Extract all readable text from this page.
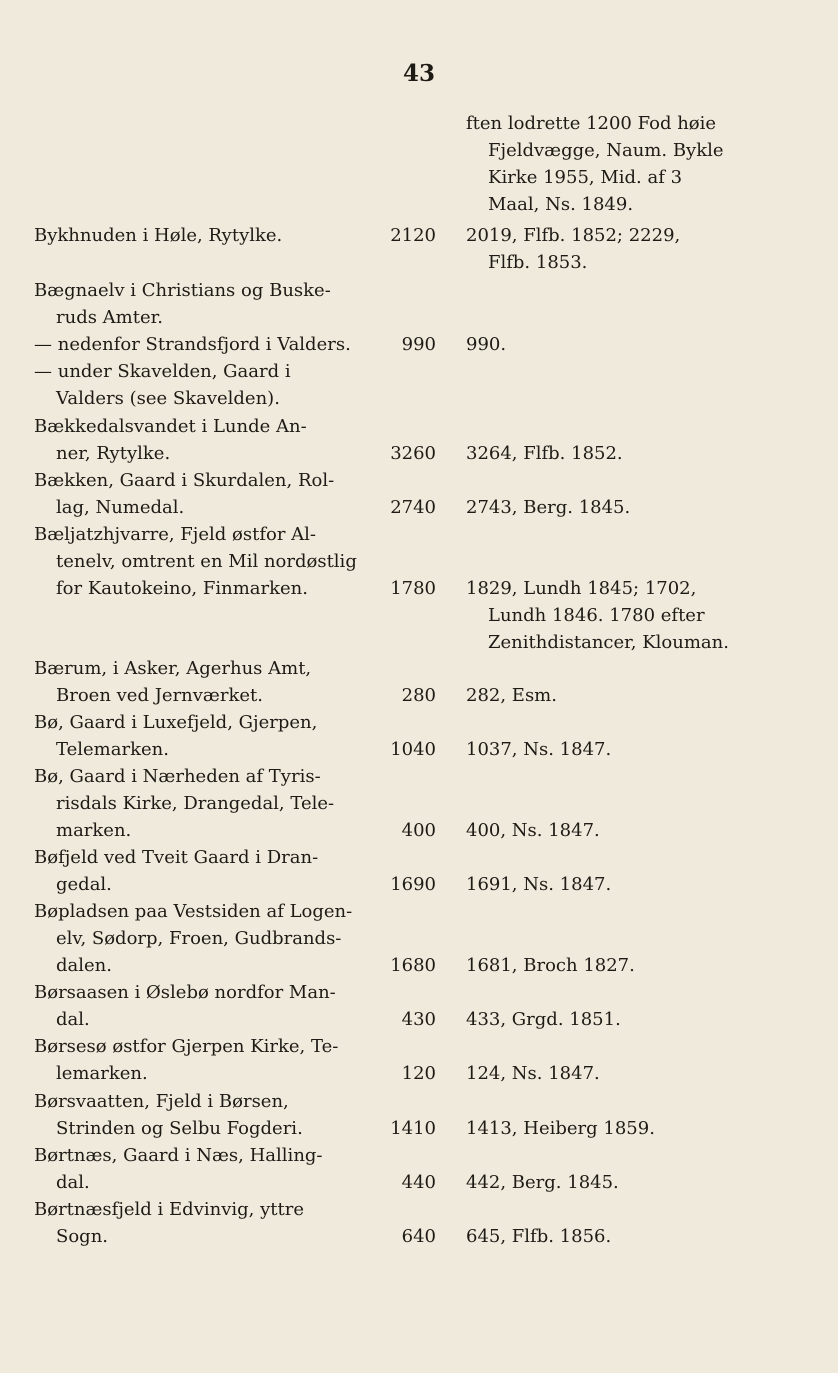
43
ften lodrette 1200 Fod høie
Fjeldvægge, Naum. Bykle
Kirke 1955, Mid. af 3
Maal, Ns. 1849.
Bykhnuden i Høle, Rytylke.	2120 2019, Flfb. 1852; 2229,
Flfb. 1853.
Bægnaelv i Christians og Buske-
ruds Amter.
— nedenfor Strandsfjord i Valders.	990 990.
— under Skavelden, Gaard i
Valders (see Skavelden).
Bækkedalsvandet i Lunde An-
ner, Rytylke.	3260 3264, Flfb. 1852.
Bækken, Gaard i Skurdalen, Rol-
lag, Numedal.	2740 2743, Berg. 1845.
Bæljatzhjvarre, Fjeld østfor Al-
tenelv, omtrent en Mil nordøstlig
for Kautokeino, Finmarken.	1780 1829, Lundh 1845; 1702,
Lundh 1846. 1780 efter
Zenithdistancer, Klouman.
Bærum, i Asker, Agerhus Amt,
Broen ved Jernværket.	280 282, Esm.
Bø, Gaard i Luxefjeld, Gjerpen,
Telemarken.	1040 1037, Ns. 1847.
Bø, Gaard i Nærheden af Tyris-
risdals Kirke, Drangedal, Tele-
marken.	400 400, Ns. 1847.
Bøfjeld ved Tveit Gaard i Dran-
gedal.	1690 1691, Ns. 1847.
Bøpladsen paa Vestsiden af Logen-
elv, Sødorp, Froen, Gudbrands-
dalen.	1680 1681, Broch 1827.
Børsaasen i Øslebø nordfor Man-
dal.	430 433, Grgd. 1851.
Børsesø østfor Gjerpen Kirke, Te-
lemarken.	120 124, Ns. 1847.
Børsvaatten, Fjeld i Børsen,
Strinden og Selbu Fogderi.	1410 1413, Heiberg 1859.
Børtnæs, Gaard i Næs, Halling-
dal.	440 442, Berg. 1845.
Børtnæsfjeld i Edvinvig, yttre
Sogn.	640 645, Flfb. 1856.
